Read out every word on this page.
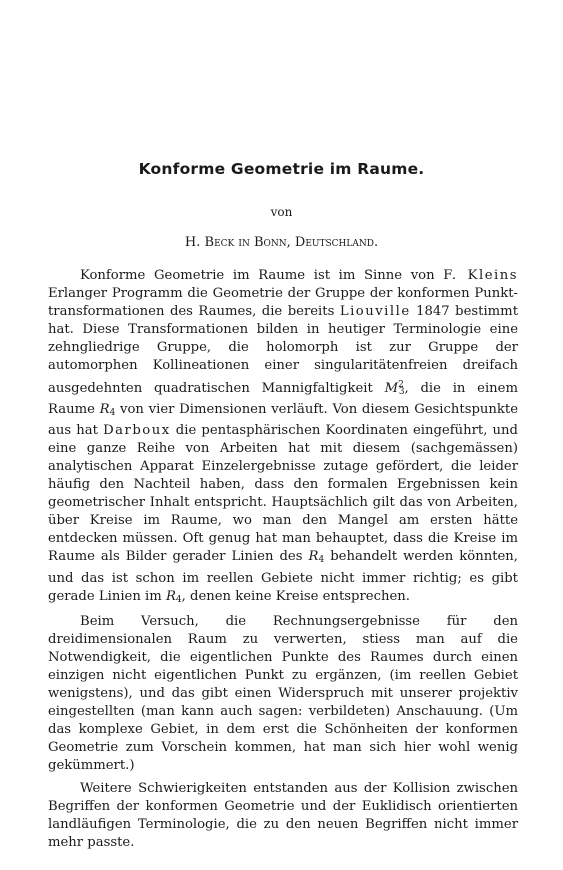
Konforme Geometrie im Raume.
von
H. Beck in Bonn, Deutschland.

Konforme Geometrie im Raume ist im Sinne von F. Kleins Erlanger Programm die Geometrie der Gruppe der konformen Punkttransformationen des Raumes, die bereits Liouville 1847 bestimmt hat. Diese Transformationen bilden in heutiger Terminologie eine zehngliedrige Gruppe, die holomorph ist zur Gruppe der automorphen Kollineationen einer singularitätenfreien dreifach ausgedehnten quadratischen Mannigfaltigkeit $M^2_3$, die in einem Raume $R_4$ von vier Dimensionen verläuft. Von diesem Gesichtspunkte aus hat Darboux die pentasphärischen Koordinaten eingeführt, und eine ganze Reihe von Arbeiten hat mit diesem (sachgemässen) analytischen Apparat Einzelergebnisse zutage gefördert, die leider häufig den Nachteil haben, dass den formalen Ergebnissen kein geometrischer Inhalt entspricht. Hauptsächlich gilt das von Arbeiten, über Kreise im Raume, wo man den Mangel am ersten hätte entdecken müssen. Oft genug hat man behauptet, dass die Kreise im Raume als Bilder gerader Linien des $R_4$ behandelt werden könnten, und das ist schon im reellen Gebiete nicht immer richtig; es gibt gerade Linien im $R_4$, denen keine Kreise entsprechen.

Beim Versuch, die Rechnungsergebnisse für den dreidimensionalen Raum zu verwerten, stiess man auf die Notwendigkeit, die eigentlichen Punkte des Raumes durch einen einzigen nicht eigentlichen Punkt zu ergänzen, (im reellen Gebiet wenigstens), und das gibt einen Widerspruch mit unserer projektiv eingestellten (man kann auch sagen: verbildeten) Anschauung. (Um das komplexe Gebiet, in dem erst die Schönheiten der konformen Geometrie zum Vorschein kommen, hat man sich hier wohl wenig gekümmert.)

Weitere Schwierigkeiten entstanden aus der Kollision zwischen Begriffen der konformen Geometrie und der Euklidisch orientierten landläufigen Terminologie, die zu den neuen Begriffen nicht immer mehr passte.
